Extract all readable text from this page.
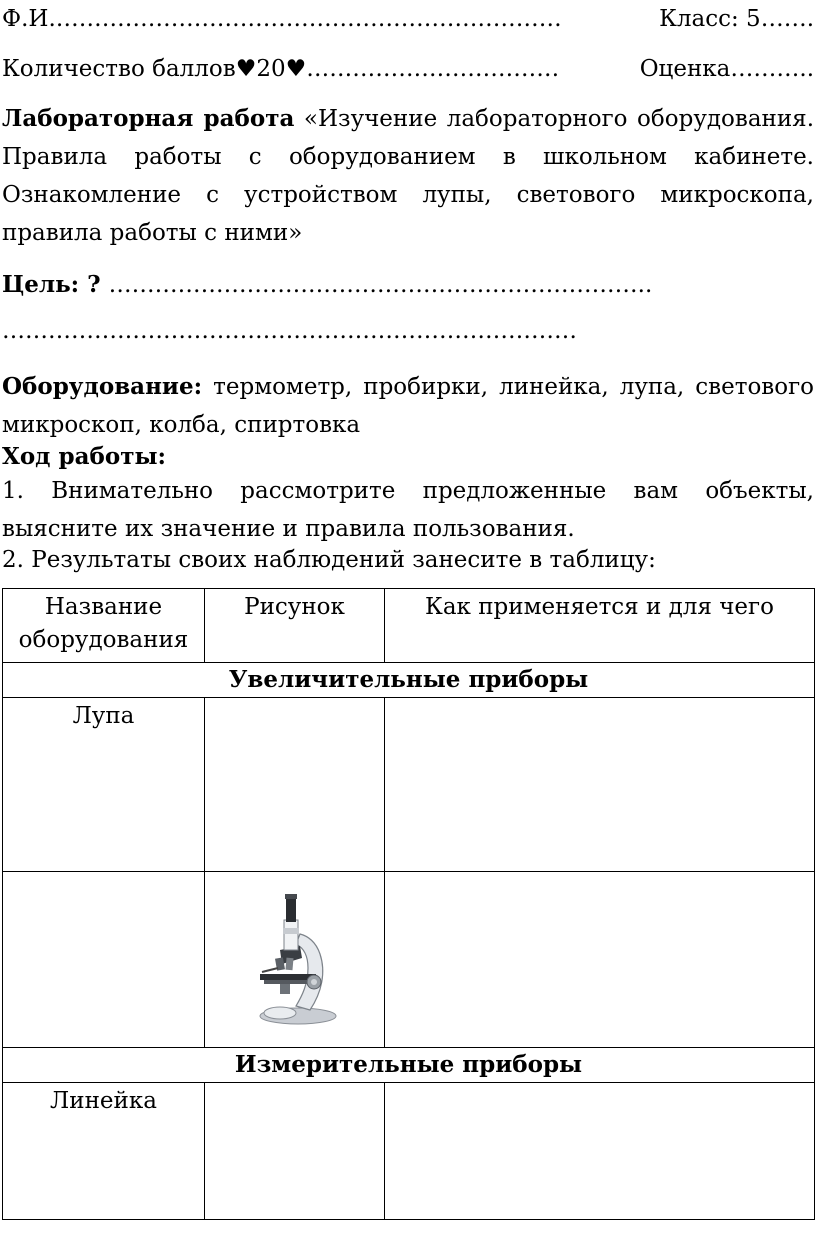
Ф.И. …………………………………………………………	Класс: 5…….
Количество баллов♥20♥ ……………………………	Оценка………..
Лабораторная работа «Изучение лабораторного оборудования. Правила работы с оборудованием в школьном кабинете. Ознакомление с устройством лупы, светового микроскопа, правила работы с ними»
Цель: ? ……………………………………………………………..
…………………………………………………………………
Оборудование: термометр, пробирки, линейка, лупа, светового микроскоп, колба, спиртовка
Ход работы:
1. Внимательно рассмотрите предложенные вам объекты, выясните их значение и правила пользования.
2. Результаты своих наблюдений занесите в таблицу:
Название оборудования	Рисунок	Как применяется и для чего
Увеличительные приборы		
Лупа		

Измерительные приборы		
Линейка		
